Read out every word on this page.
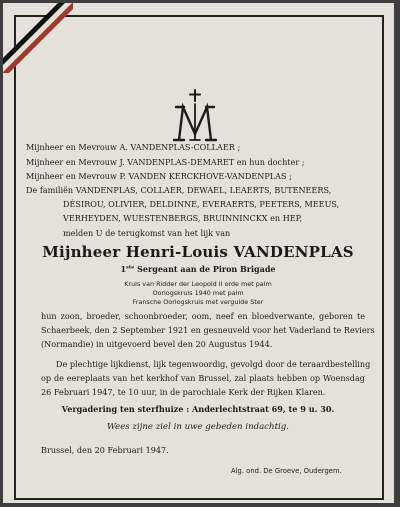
Mijnheer en Mevrouw A. VANDENPLAS-COLLAER ;
Mijnheer en Mevrouw J. VANDENPLAS-DEMARET en hun dochter ;
Mijnheer en Mevrouw P. VANDEN KERCKHOVE-VANDENPLAS ;
De familiën VANDENPLAS, COLLAER, DEWAEL, LEAERTS, BUTENEERS,
DÉSIROU, OLIVIER, DELDINNE, EVERAERTS, PEETERS, MEEUS,
VERHEYDEN, WUESTENBERGS, BRUINNINCKX en HEP,
melden U de terugkomst van het lijk van
Mijnheer Henri-Louis VANDENPLAS
1ste Sergeant aan de Piron Brigade
Kruis van Ridder der Leopold II orde met palm
Oorlogskruis 1940 met palm
Fransche Oorlogskruis met vergulde Ster
hun zoon, broeder, schoonbroeder, oom, neef en bloedverwante, geboren te
Schaerbeek, den 2 September 1921 en gesneuveld voor het Vaderland te Reviers
(Normandie) in uitgevoerd bevel den 20 Augustus 1944.
De plechtige lijkdienst, lijk tegenwoordig, gevolgd door de teraardbestelling
op de eereplaats van het kerkhof van Brussel, zal plaats hebben op Woensdag
26 Februari 1947, te 10 uur, in de parochiale Kerk der Rijken Klaren.
Vergadering ten sterfhuize : Anderlechtstraat 69, te 9 u. 30.
Wees zijne ziel in uwe gebeden indachtig.
Brussel, den 20 Februari 1947.
Alg. ond. De Groeve, Oudergem.
